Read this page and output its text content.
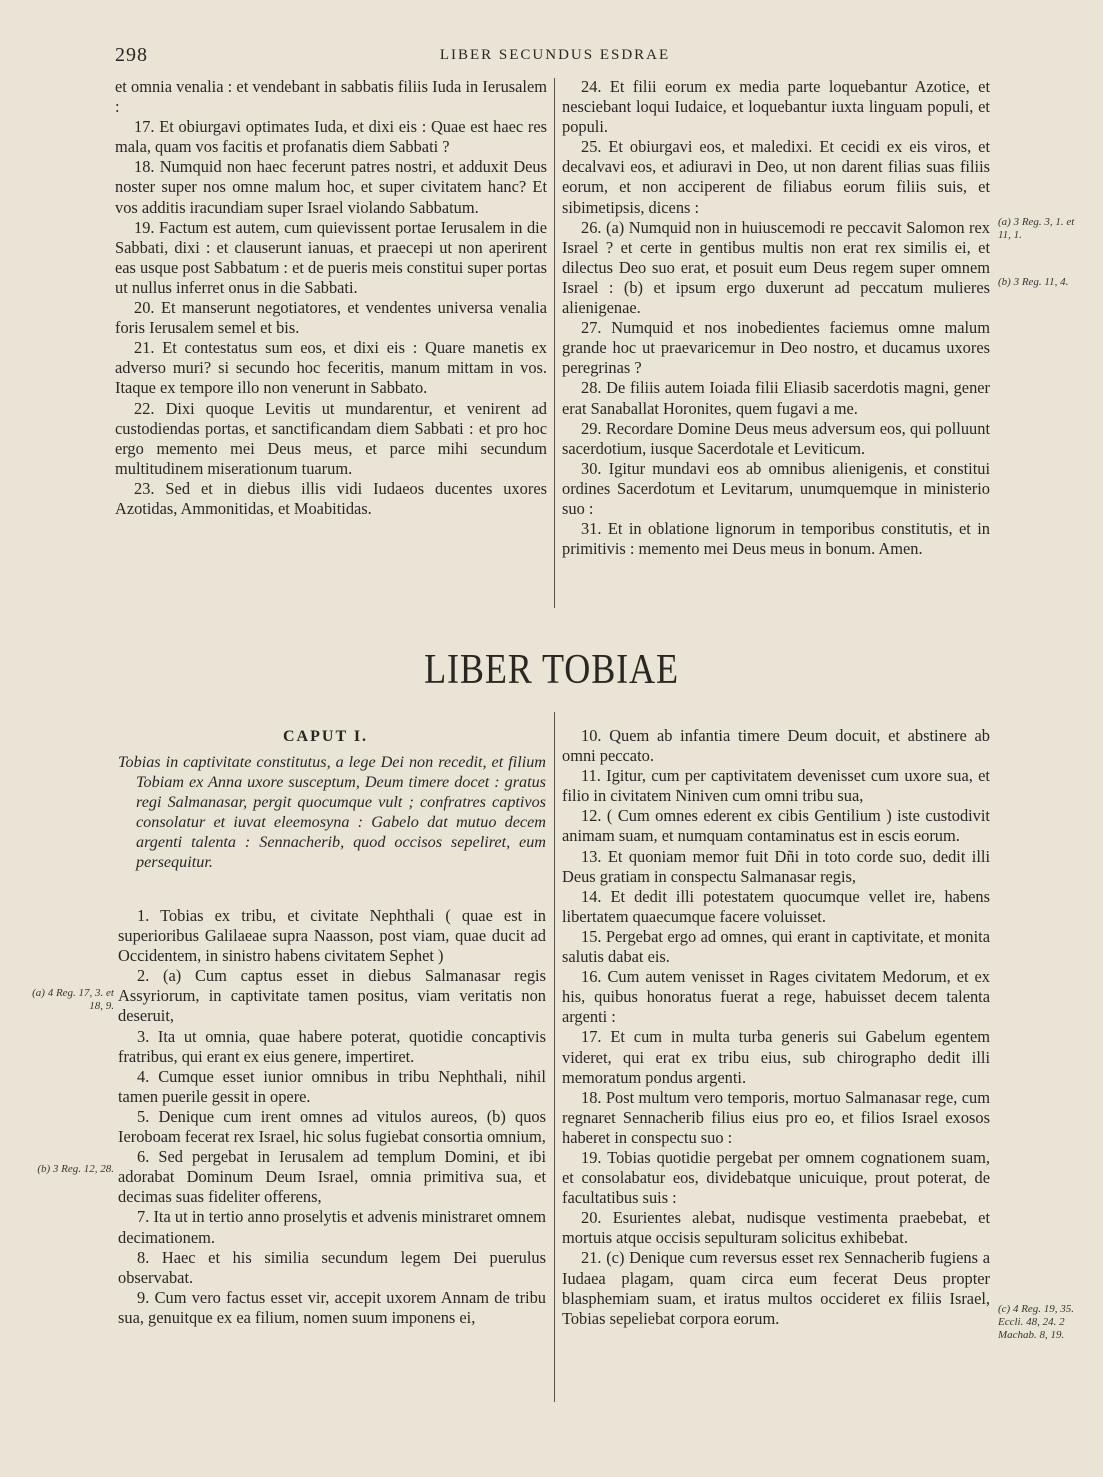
298	LIBER SECUNDUS ESDRAE

et omnia venalia : et vendebant in sabbatis filiis Iuda in Ierusalem :

17. Et obiurgavi optimates Iuda, et dixi eis : Quae est haec res mala, quam vos facitis et profanatis diem Sabbati ?

18. Numquid non haec fecerunt patres nostri, et adduxit Deus noster super nos omne malum hoc, et super civitatem hanc? Et vos additis iracundiam super Israel violando Sabbatum.

19. Factum est autem, cum quievissent portae Ierusalem in die Sabbati, dixi : et clauserunt ianuas, et praecepi ut non aperirent eas usque post Sabbatum : et de pueris meis constitui super portas ut nullus inferret onus in die Sabbati.

20. Et manserunt negotiatores, et vendentes universa venalia foris Ierusalem semel et bis.

21. Et contestatus sum eos, et dixi eis : Quare manetis ex adverso muri? si secundo hoc feceritis, manum mittam in vos. Itaque ex tempore illo non venerunt in Sabbato.

22. Dixi quoque Levitis ut mundarentur, et venirent ad custodiendas portas, et sanctificandam diem Sabbati : et pro hoc ergo memento mei Deus meus, et parce mihi secundum multitudinem miserationum tuarum.

23. Sed et in diebus illis vidi Iudaeos ducentes uxores Azotidas, Ammonitidas, et Moabitidas.

24. Et filii eorum ex media parte loquebantur Azotice, et nesciebant loqui Iudaice, et loquebantur iuxta linguam populi, et populi.

25. Et obiurgavi eos, et maledixi. Et cecidi ex eis viros, et decalvavi eos, et adiuravi in Deo, ut non darent filias suas filiis eorum, et non acciperent de filiabus eorum filiis suis, et sibimetipsis, dicens :

26. (a) Numquid non in huiuscemodi re peccavit Salomon rex Israel ? et certe in gentibus multis non erat rex similis ei, et dilectus Deo suo erat, et posuit eum Deus regem super omnem Israel : (b) et ipsum ergo duxerunt ad peccatum mulieres alienigenae.

27. Numquid et nos inobedientes faciemus omne malum grande hoc ut praevaricemur in Deo nostro, et ducamus uxores peregrinas ?

28. De filiis autem Ioiada filii Eliasib sacerdotis magni, gener erat Sanaballat Horonites, quem fugavi a me.

29. Recordare Domine Deus meus adversum eos, qui polluunt sacerdotium, iusque Sacerdotale et Leviticum.

30. Igitur mundavi eos ab omnibus alienigenis, et constitui ordines Sacerdotum et Levitarum, unumquemque in ministerio suo :

31. Et in oblatione lignorum in temporibus constitutis, et in primitivis : memento mei Deus meus in bonum. Amen.

(a) 3 Reg. 3, 1. et 11, 1.
(b) 3 Reg. 11, 4.
LIBER TOBIAE
CAPUT I.
Tobias in captivitate constitutus, a lege Dei non recedit, et filium Tobiam ex Anna uxore susceptum, Deum timere docet : gratus regi Salmanasar, pergit quocumque vult ; confratres captivos consolatur et iuvat eleemosyna : Gabelo dat mutuo decem argenti talenta : Sennacherib, quod occisos sepeliret, eum persequitur.

1. Tobias ex tribu, et civitate Nephthali ( quae est in superioribus Galilaeae supra Naasson, post viam, quae ducit ad Occidentem, in sinistro habens civitatem Sephet )

2. (a) Cum captus esset in diebus Salmanasar regis Assyriorum, in captivitate tamen positus, viam veritatis non deseruit,

3. Ita ut omnia, quae habere poterat, quotidie concaptivis fratribus, qui erant ex eius genere, impertiret.

4. Cumque esset iunior omnibus in tribu Nephthali, nihil tamen puerile gessit in opere.

5. Denique cum irent omnes ad vitulos aureos, (b) quos Ieroboam fecerat rex Israel, hic solus fugiebat consortia omnium,

6. Sed pergebat in Ierusalem ad templum Domini, et ibi adorabat Dominum Deum Israel, omnia primitiva sua, et decimas suas fideliter offerens,

7. Ita ut in tertio anno proselytis et advenis ministraret omnem decimationem.

8. Haec et his similia secundum legem Dei puerulus observabat.

9. Cum vero factus esset vir, accepit uxorem Annam de tribu sua, genuitque ex ea filium, nomen suum imponens ei,

10. Quem ab infantia timere Deum docuit, et abstinere ab omni peccato.

11. Igitur, cum per captivitatem devenisset cum uxore sua, et filio in civitatem Niniven cum omni tribu sua,

12. ( Cum omnes ederent ex cibis Gentilium ) iste custodivit animam suam, et numquam contaminatus est in escis eorum.

13. Et quoniam memor fuit Dñi in toto corde suo, dedit illi Deus gratiam in conspectu Salmanasar regis,

14. Et dedit illi potestatem quocumque vellet ire, habens libertatem quaecumque facere voluisset.

15. Pergebat ergo ad omnes, qui erant in captivitate, et monita salutis dabat eis.

16. Cum autem venisset in Rages civitatem Medorum, et ex his, quibus honoratus fuerat a rege, habuisset decem talenta argenti :

17. Et cum in multa turba generis sui Gabelum egentem videret, qui erat ex tribu eius, sub chirographo dedit illi memoratum pondus argenti.

18. Post multum vero temporis, mortuo Salmanasar rege, cum regnaret Sennacherib filius eius pro eo, et filios Israel exosos haberet in conspectu suo :

19. Tobias quotidie pergebat per omnem cognationem suam, et consolabatur eos, dividebatque unicuique, prout poterat, de facultatibus suis :

20. Esurientes alebat, nudisque vestimenta praebebat, et mortuis atque occisis sepulturam solicitus exhibebat.

21. (c) Denique cum reversus esset rex Sennacherib fugiens a Iudaea plagam, quam circa eum fecerat Deus propter blasphemiam suam, et iratus multos occideret ex filiis Israel, Tobias sepeliebat corpora eorum.

(a) 4 Reg. 17, 3. et 18, 9.
(b) 3 Reg. 12, 28.
(c) 4 Reg. 19, 35. Eccli. 48, 24. 2 Machab. 8, 19.
